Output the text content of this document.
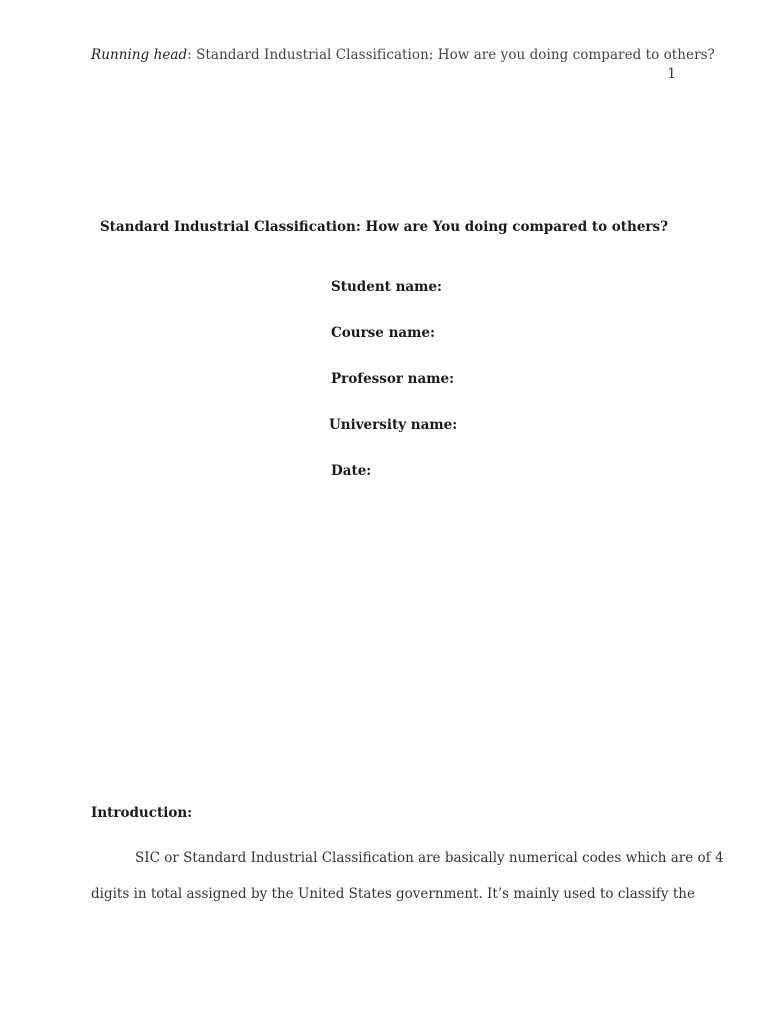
Running head: Standard Industrial Classification: How are you doing compared to others?
1
Standard Industrial Classification: How are You doing compared to others?
Student name:
Course name:
Professor name:
University name:
Date:
Introduction:
SIC or Standard Industrial Classification are basically numerical codes which are of 4
digits in total assigned by the United States government. It’s mainly used to classify the
